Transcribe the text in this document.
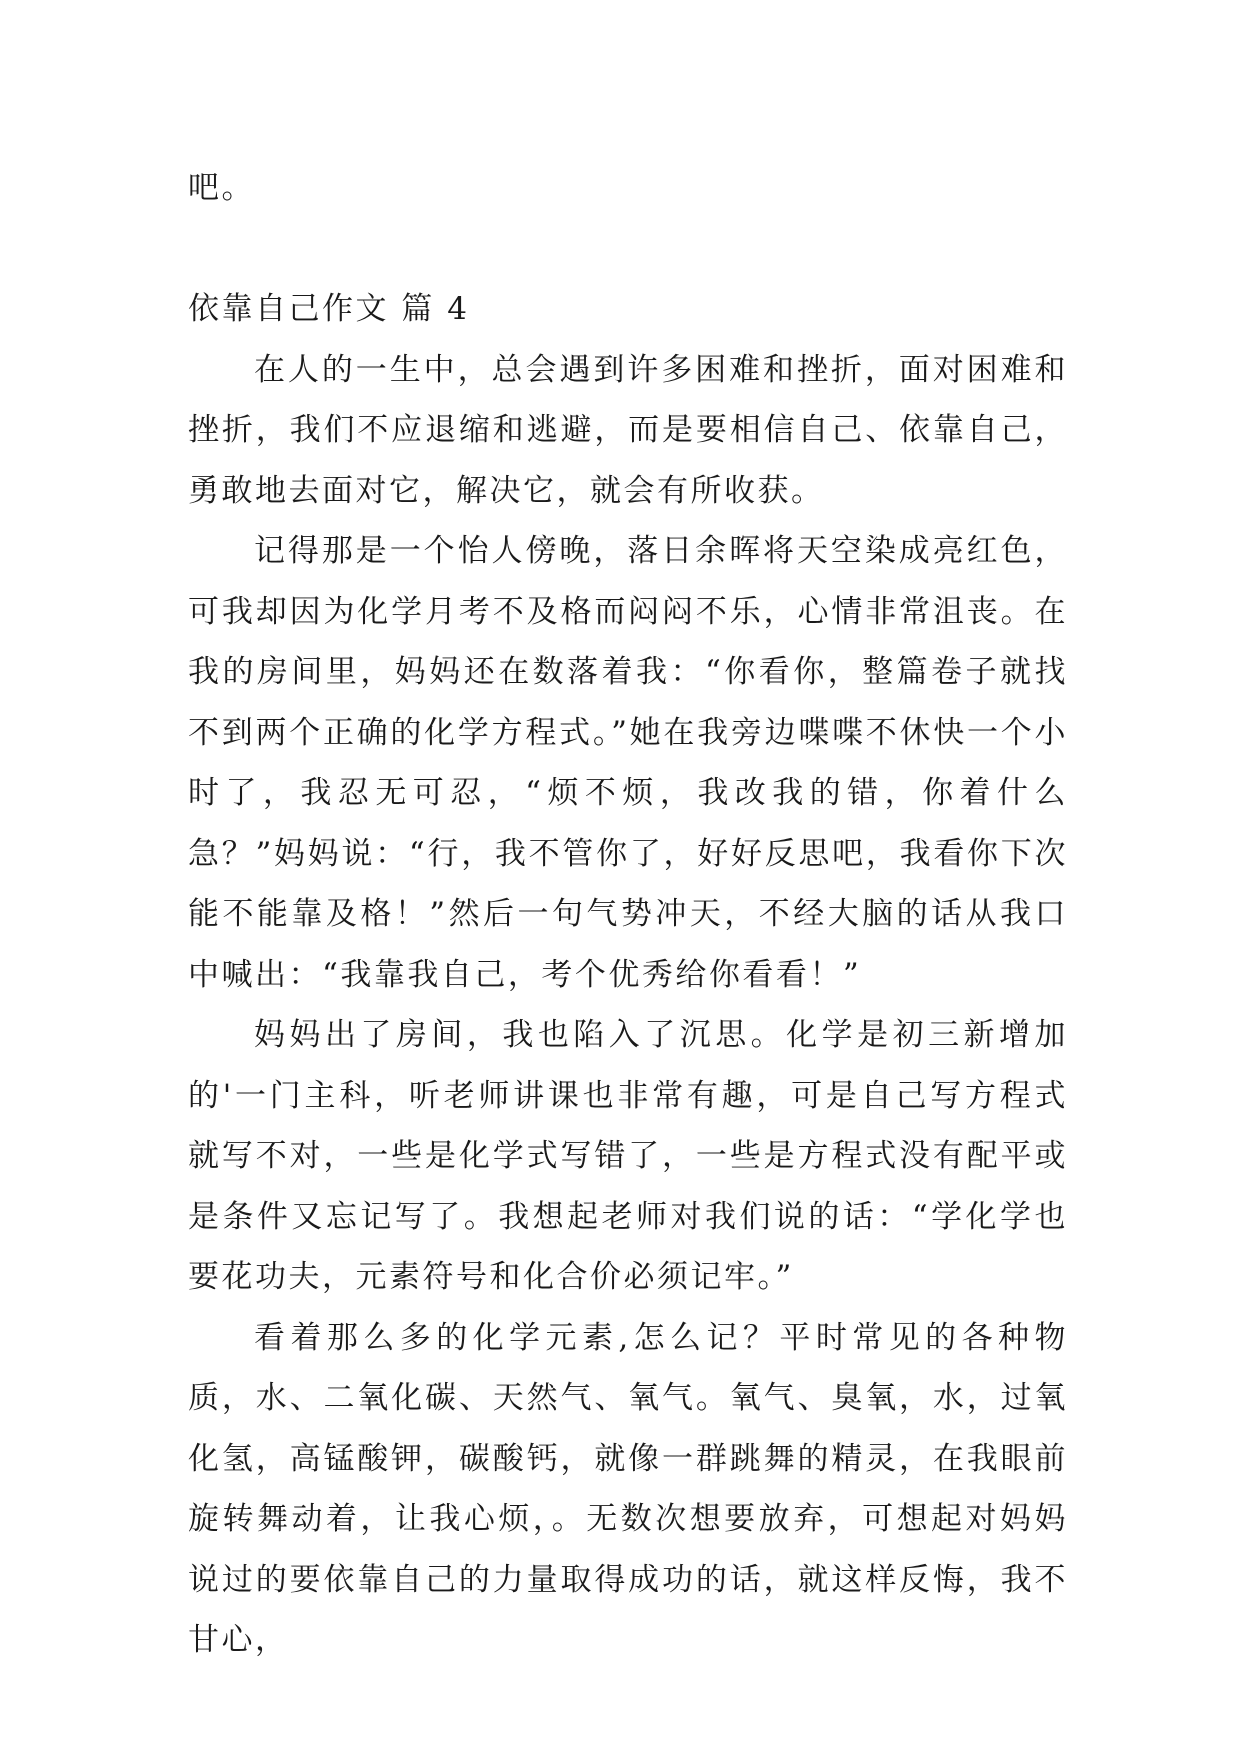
吧。

依靠自己作文 篇 4

在人的一生中，总会遇到许多困难和挫折，面对困难和挫折，我们不应退缩和逃避，而是要相信自己、依靠自己，勇敢地去面对它，解决它，就会有所收获。

记得那是一个怡人傍晚，落日余晖将天空染成亮红色，可我却因为化学月考不及格而闷闷不乐，心情非常沮丧。在我的房间里，妈妈还在数落着我：“你看你，整篇卷子就找不到两个正确的化学方程式。”她在我旁边喋喋不休快一个小时了，我忍无可忍，“烦不烦，我改我的错，你着什么急？”妈妈说：“行，我不管你了，好好反思吧，我看你下次能不能靠及格！”然后一句气势冲天，不经大脑的话从我口中喊出：“我靠我自己，考个优秀给你看看！”

妈妈出了房间，我也陷入了沉思。化学是初三新增加的'一门主科，听老师讲课也非常有趣，可是自己写方程式就写不对，一些是化学式写错了，一些是方程式没有配平或是条件又忘记写了。我想起老师对我们说的话：“学化学也要花功夫，元素符号和化合价必须记牢。”

看着那么多的化学元素,怎么记？平时常见的各种物质，水、二氧化碳、天然气、氧气。氧气、臭氧，水，过氧化氢，高锰酸钾，碳酸钙，就像一群跳舞的精灵，在我眼前旋转舞动着，让我心烦，。无数次想要放弃，可想起对妈妈说过的要依靠自己的力量取得成功的话，就这样反悔，我不甘心，
